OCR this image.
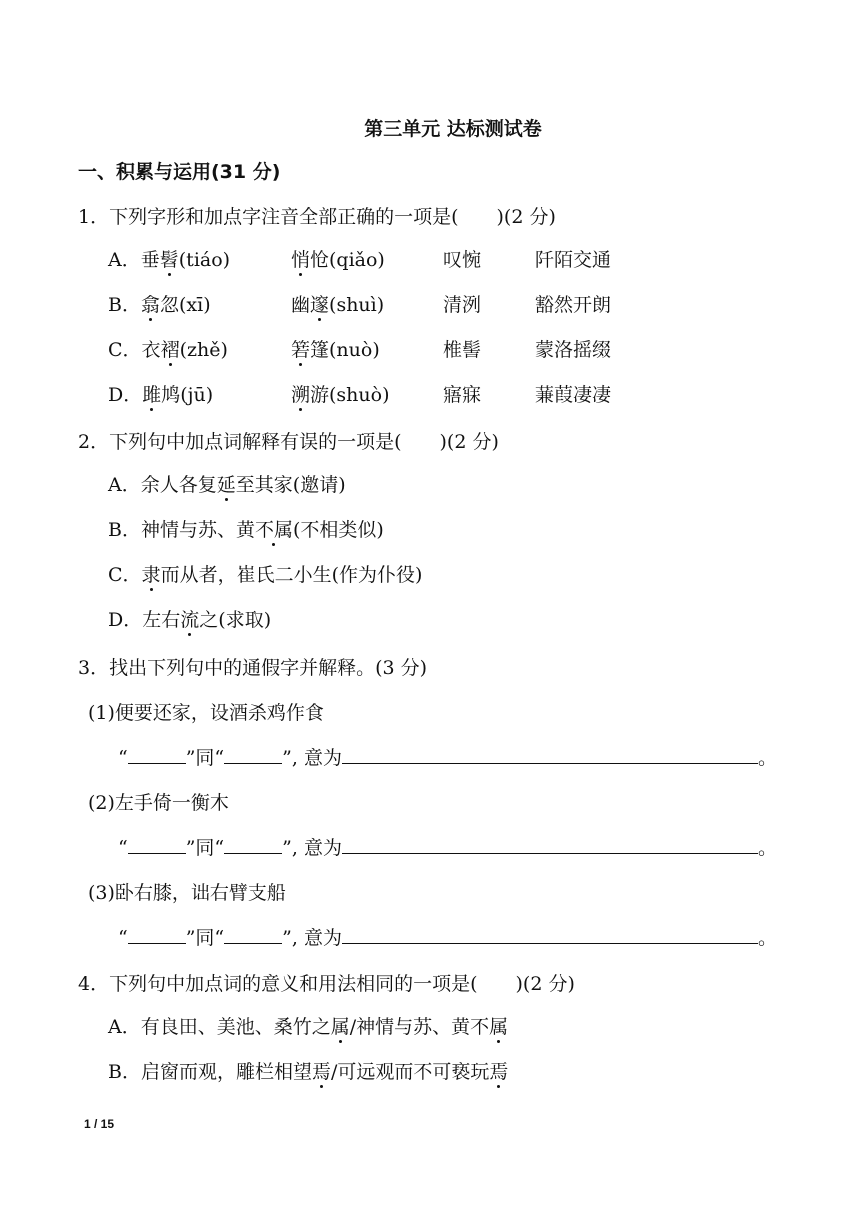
第三单元 达标测试卷
一、积累与运用(31 分)
1．下列字形和加点字注音全部正确的一项是(　　)(2 分)
A．垂髫(tiáo)	悄怆(qiǎo)	叹惋	阡陌交通
B．翕忽(xī)	幽邃(shuì)	清洌	豁然开朗
C．衣褶(zhě)	箬篷(nuò)	椎髻	蒙洛摇缀
D．雎鸠(jū)	溯游(shuò)	寤寐	蒹葭凄凄
2．下列句中加点词解释有误的一项是(　　)(2 分)
A．余人各复延至其家(邀请)
B．神情与苏、黄不属(不相类似)
C．隶而从者，崔氏二小生(作为仆役)
D．左右流之(求取)
3．找出下列句中的通假字并解释。(3 分)
(1)便要还家，设酒杀鸡作食
“	”同“	”, 意为	。
(2)左手倚一衡木
“	”同“	”, 意为	。
(3)卧右膝，诎右臂支船
“	”同“	”, 意为	。
4．下列句中加点词的意义和用法相同的一项是(　　)(2 分)
A．有良田、美池、桑竹之属/神情与苏、黄不属
B．启窗而观，雕栏相望焉/可远观而不可亵玩焉
1 / 15
